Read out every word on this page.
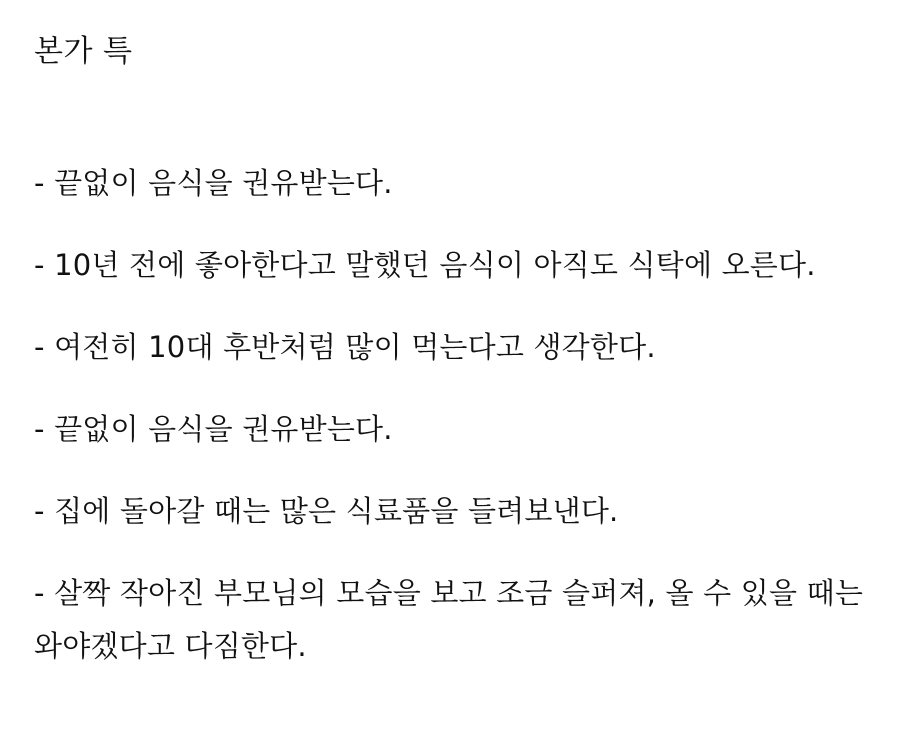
본가 특

- 끝없이 음식을 권유받는다.

- 10년 전에 좋아한다고 말했던 음식이 아직도 식탁에 오른다.

- 여전히 10대 후반처럼 많이 먹는다고 생각한다.

- 끝없이 음식을 권유받는다.

- 집에 돌아갈 때는 많은 식료품을 들려보낸다.

- 살짝 작아진 부모님의 모습을 보고 조금 슬퍼져, 올 수 있을 때는 와야겠다고 다짐한다.
